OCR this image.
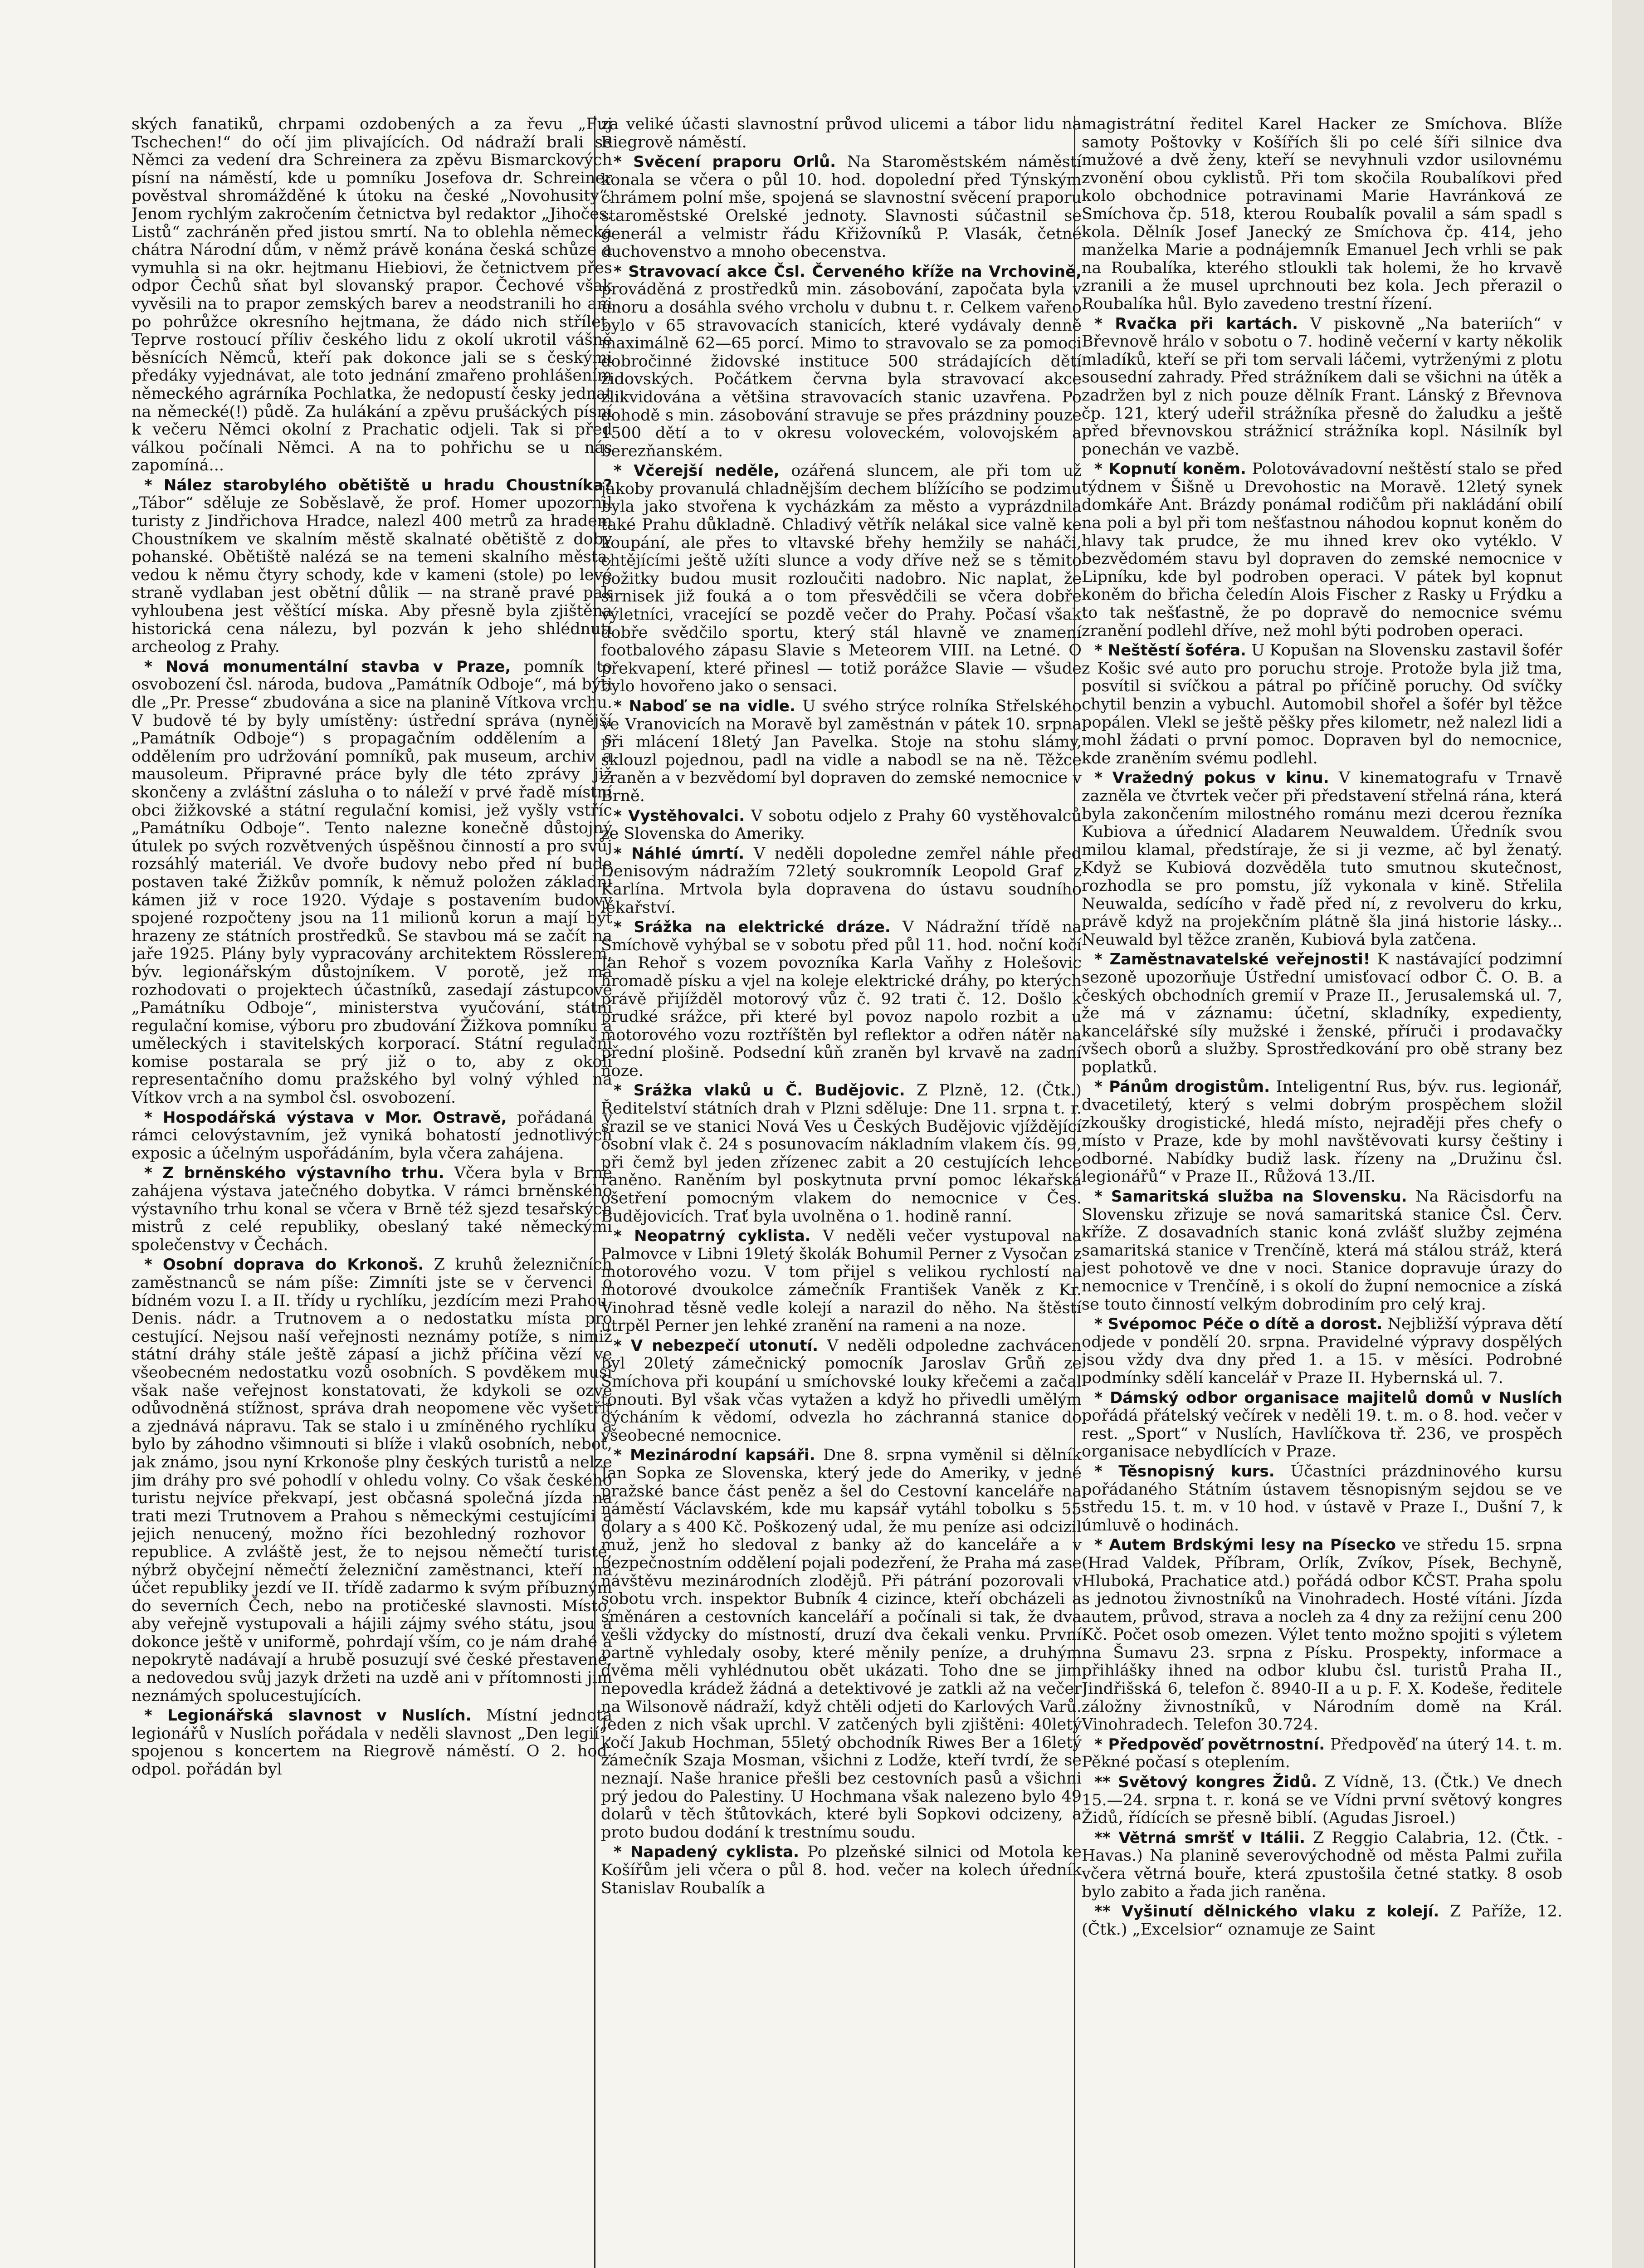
ských fanatiků, chrpami ozdobených a za řevu „Fuj Tschechen!“ do očí jim plivajících. Od nádraží brali se Němci za vedení dra Schreinera za zpěvu Bismarckových písní na náměstí, kde u pomníku Josefova dr. Schreiner pověstval shromážděné k útoku na české „Novohusity“. Jenom rychlým zakročením četnictva byl redaktor „Jihočes. Listů“ zachráněn před jistou smrtí. Na to oblehla německá chátra Národní dům, v němž právě konána česká schůze a vymuhla si na okr. hejtmanu Hiebiovi, že četnictvem přes odpor Čechů sňat byl slovanský prapor. Čechové však vyvěsili na to prapor zemských barev a neodstranili ho ani po pohrůžce okresního hejtmana, že dádo nich střílet. Teprve rostoucí příliv českého lidu z okolí ukrotil vášně běsnících Němců, kteří pak dokonce jali se s českými předáky vyjednávat, ale toto jednání zmařeno prohlášením německého agrárníka Pochlatka, že nedopustí česky jednat na německé(!) půdě. Za hulákání a zpěvu prušáckých písní k večeru Němci okolní z Prachatic odjeli. Tak si před válkou počínali Němci. A na to pohřichu se u nás zapomíná...

* Nález starobylého obětiště u hradu Choustníka? „Tábor“ sděluje ze Soběslavě, že prof. Homer upozornil turisty z Jindřichova Hradce, nalezl 400 metrů za hradem Choustníkem ve skalním městě skalnaté obětiště z doby pohanské. Obětiště nalézá se na temeni skalního města, vedou k němu čtyry schody, kde v kameni (stole) po levé straně vydlaban jest obětní důlik — na straně pravé pak vyhloubena jest věštící míska. Aby přesně byla zjištěna historická cena nálezu, byl pozván k jeho shlédnutí archeolog z Prahy.

* Nová monumentální stavba v Praze, pomník to osvobození čsl. národa, budova „Památník Odboje“, má býti dle „Pr. Presse“ zbudována a sice na planině Vítkova vrchu. V budově té by byly umístěny: ústřední správa (nynější „Památník Odboje“) s propagačním oddělením a s oddělením pro udržování pomníků, pak museum, archiv a mausoleum. Připravné práce byly dle této zprávy již skončeny a zvláštní zásluha o to náleží v prvé řadě místní obci žižkovské a státní regulační komisi, jež vyšly vstříc „Památníku Odboje“. Tento nalezne konečně důstojný útulek po svých rozvětvených úspěšnou činností a pro svůj rozsáhlý materiál. Ve dvoře budovy nebo před ní bude postaven také Žižkův pomník, k němuž položen základní kámen již v roce 1920. Výdaje s postavením budovy spojené rozpočteny jsou na 11 milionů korun a mají být hrazeny ze státních prostředků. Se stavbou má se začít na jaře 1925. Plány byly vypracovány architektem Rösslerem, býv. legionářským důstojníkem. V porotě, jež má rozhodovati o projektech účastníků, zasedají zástupcové „Památníku Odboje“, ministerstva vyučování, státní regulační komise, výboru pro zbudování Žižkova pomníku a uměleckých i stavitelských korporací. Státní regulační komise postarala se prý již o to, aby z okolí representačního domu pražského byl volný výhled na Vítkov vrch a na symbol čsl. osvobození.

* Hospodářská výstava v Mor. Ostravě, pořádaná v rámci celovýstavním, jež vyniká bohatostí jednotlivých exposic a účelným uspořádáním, byla včera zahájena.

* Z brněnského výstavního trhu. Včera byla v Brně zahájena výstava jatečného dobytka. V rámci brněnského výstavního trhu konal se včera v Brně též sjezd tesařských mistrů z celé republiky, obeslaný také německými společenstvy v Čechách.

* Osobní doprava do Krkonoš. Z kruhů železničních zaměstnanců se nám píše: Zimníti jste se v červenci o bídném vozu I. a II. třídy u rychlíku, jezdícím mezi Prahou, Denis. nádr. a Trutnovem a o nedostatku místa pro cestující. Nejsou naší veřejnosti neznámy potíže, s nimiž státní dráhy stále ještě zápasí a jichž příčina vězí ve všeobecném nedostatku vozů osobních. S povděkem musí však naše veřejnost konstatovati, že kdykoli se ozve odůvodněná stížnost, správa drah neopomene věc vyšetřit a zjednává nápravu. Tak se stalo i u zmíněného rychlíku a bylo by záhodno všimnouti si blíže i vlaků osobních, neboť, jak známo, jsou nyní Krkonoše plny českých turistů a nelze jim dráhy pro své pohodlí v ohledu volny. Co však českého turistu nejvíce překvapí, jest občasná společná jízda na trati mezi Trutnovem a Prahou s německými cestujícími a jejich nenucený, možno říci bezohledný rozhovor o republice. A zvláště jest, že to nejsou němečtí turisté, nýbrž obyčejní němečtí železniční zaměstnanci, kteří na účet republiky jezdí ve II. třídě zadarmo k svým příbuzným do severních Čech, nebo na protičeské slavnosti. Místo, aby veřejně vystupovali a hájili zájmy svého státu, jsou a dokonce ještě v uniformě, pohrdají vším, co je nám drahé a nepokrytě nadávají a hrubě posuzují své české přestavené, a nedovedou svůj jazyk držeti na uzdě ani v přítomnosti jim neznámých spolucestujících.

* Legionářská slavnost v Nuslích. Místní jednota legionářů v Nuslích pořádala v neděli slavnost „Den legií“, spojenou s koncertem na Riegrově náměstí. O 2. hod. odpol. pořádán byl

za veliké účasti slavnostní průvod ulicemi a tábor lidu na Riegrově náměstí.

* Svěcení praporu Orlů. Na Staroměstském náměstí konala se včera o půl 10. hod. dopolední před Týnským chrámem polní mše, spojená se slavnostní svěcení praporu staroměstské Orelské jednoty. Slavnosti súčastnil se generál a velmistr řádu Křižovníků P. Vlasák, četné duchovenstvo a mnoho obecenstva.

* Stravovací akce Čsl. Červeného kříže na Vrchovině, prováděná z prostředků min. zásobování, započata byla v únoru a dosáhla svého vrcholu v dubnu t. r. Celkem vařeno bylo v 65 stravovacích stanicích, které vydávaly denně maximálně 62—65 porcí. Mimo to stravovalo se za pomoci dobročinné židovské instituce 500 strádajících dětí židovských. Počátkem června byla stravovací akce zlikvidována a většina stravovacích stanic uzavřena. Po dohodě s min. zásobování stravuje se přes prázdniny pouze 1500 dětí a to v okresu voloveckém, volovojském a berezňanském.

* Včerejší neděle, ozářená sluncem, ale při tom už jakoby provanulá chladnějším dechem blížícího se podzimu byla jako stvořena k vycházkám za město a vyprázdnila také Prahu důkladně. Chladivý větřík nelákal sice valně ke koupání, ale přes to vltavské břehy hemžily se naháči, chtějícími ještě užíti slunce a vody dříve než se s těmito požitky budou musit rozloučiti nadobro. Nic naplat, že sirnisek již fouká a o tom přesvědčili se včera dobře výletníci, vracející se pozdě večer do Prahy. Počasí však dobře svědčilo sportu, který stál hlavně ve znamení footbalového zápasu Slavie s Meteorem VIII. na Letné. O překvapení, které přinesl — totiž porážce Slavie — všude bylo hovořeno jako o sensaci.

* Naboď se na vidle. U svého strýce rolníka Střelského ve Vranovicích na Moravě byl zaměstnán v pátek 10. srpna při mlácení 18letý Jan Pavelka. Stoje na stohu slámy, sklouzl pojednou, padl na vidle a nabodl se na ně. Těžce zraněn a v bezvědomí byl dopraven do zemské nemocnice v Brně.

* Vystěhovalci. V sobotu odjelo z Prahy 60 vystěhovalců ze Slovenska do Ameriky.

* Náhlé úmrtí. V neděli dopoledne zemřel náhle před Denisovým nádražím 72letý soukromník Leopold Graf z Karlína. Mrtvola byla dopravena do ústavu soudního lékařství.

* Srážka na elektrické dráze. V Nádražní třídě na Smíchově vyhýbal se v sobotu před půl 11. hod. noční kočí Jan Rehoř s vozem povozníka Karla Vaňhy z Holešovic hromadě písku a vjel na koleje elektrické dráhy, po kterých právě přijížděl motorový vůz č. 92 trati č. 12. Došlo k prudké srážce, při které byl povoz napolo rozbit a u motorového vozu roztříštěn byl reflektor a odřen nátěr na přední plošině. Podsední kůň zraněn byl krvavě na zadní noze.

* Srážka vlaků u Č. Budějovic. Z Plzně, 12. (Čtk.) Ředitelství státních drah v Plzni sděluje: Dne 11. srpna t. r. srazil se ve stanici Nová Ves u Českých Budějovic vjíždějící osobní vlak č. 24 s posunovacím nákladním vlakem čís. 99, při čemž byl jeden zřízenec zabit a 20 cestujících lehce raněno. Raněním byl poskytnuta první pomoc lékařská ošetření pomocným vlakem do nemocnice v Čes. Budějovicích. Trať byla uvolněna o 1. hodině ranní.

* Neopatrný cyklista. V neděli večer vystupoval na Palmovce v Libni 19letý školák Bohumil Perner z Vysočan z motorového vozu. V tom přijel s velikou rychlostí na motorové dvoukolce zámečník František Vaněk z Kr. Vinohrad těsně vedle kolejí a narazil do něho. Na štěstí utrpěl Perner jen lehké zranění na rameni a na noze.

* V nebezpečí utonutí. V neděli odpoledne zachvácen byl 20letý zámečnický pomocník Jaroslav Grůň ze Smíchova při koupání u smíchovské louky křečemi a začal tonouti. Byl však včas vytažen a když ho přivedli umělým dýcháním k vědomí, odvezla ho záchranná stanice do všeobecné nemocnice.

* Mezinárodní kapsáři. Dne 8. srpna vyměnil si dělník Jan Sopka ze Slovenska, který jede do Ameriky, v jedné pražské bance část peněz a šel do Cestovní kanceláře na náměstí Václavském, kde mu kapsář vytáhl tobolku s 55 dolary a s 400 Kč. Poškozený udal, že mu peníze asi odcizil muž, jenž ho sledoval z banky až do kanceláře a v bezpečnostním oddělení pojali podezření, že Praha má zase návštěvu mezinárodních zlodějů. Při pátrání pozorovali v sobotu vrch. inspektor Bubník 4 cizince, kteří obcházeli a směnáren a cestovních kanceláří a počínali si tak, že dva vešli vždycky do místností, druzí dva čekali venku. První partně vyhledaly osoby, které měnily peníze, a druhým dvěma měli vyhlédnutou obět ukázati. Toho dne se jim nepovedla krádež žádná a detektivové je zatkli až na večer na Wilsonově nádraží, když chtěli odjeti do Karlových Varů. Jeden z nich však uprchl. V zatčených byli zjištěni: 40letý kočí Jakub Hochman, 55letý obchodník Riwes Ber a 16letý zámečník Szaja Mosman, všichni z Lodže, kteří tvrdí, že se neznají. Naše hranice přešli bez cestovních pasů a všichni prý jedou do Palestiny. U Hochmana však nalezeno bylo 49 dolarů v těch štůtovkách, které byli Sopkovi odcizeny, a proto budou dodání k trestnímu soudu.

* Napadený cyklista. Po plzeňské silnici od Motola ke Košířům jeli včera o půl 8. hod. večer na kolech úředník Stanislav Roubalík a

magistrátní ředitel Karel Hacker ze Smíchova. Blíže samoty Poštovky v Košířích šli po celé šíři silnice dva mužové a dvě ženy, kteří se nevyhnuli vzdor usilovnému zvonění obou cyklistů. Při tom skočila Roubalíkovi před kolo obchodnice potravinami Marie Havránková ze Smíchova čp. 518, kterou Roubalík povalil a sám spadl s kola. Dělník Josef Janecký ze Smíchova čp. 414, jeho manželka Marie a podnájemník Emanuel Jech vrhli se pak na Roubalíka, kterého stloukli tak holemi, že ho krvavě zranili a že musel uprchnouti bez kola. Jech přerazil o Roubalíka hůl. Bylo zavedeno trestní řízení.

* Rvačka při kartách. V piskovně „Na bateriích“ v Břevnově hrálo v sobotu o 7. hodině večerní v karty několik mladíků, kteří se při tom servali láčemi, vytrženými z plotu sousední zahrady. Před strážníkem dali se všichni na útěk a zadržen byl z nich pouze dělník Frant. Lánský z Břevnova čp. 121, který udeřil strážníka přesně do žaludku a ještě před břevnovskou strážnicí strážníka kopl. Násilník byl ponechán ve vazbě.

* Kopnutí koněm. Polotovávadovní neštěstí stalo se před týdnem v Šišně u Drevohostic na Moravě. 12letý synek domkáře Ant. Brázdy ponámal rodičům při nakládání obilí na poli a byl při tom nešťastnou náhodou kopnut koněm do hlavy tak prudce, že mu ihned krev oko vytéklo. V bezvědomém stavu byl dopraven do zemské nemocnice v Lipníku, kde byl podroben operaci. V pátek byl kopnut koněm do břicha čeledín Alois Fischer z Rasky u Frýdku a to tak nešťastně, že po dopravě do nemocnice svému zranění podlehl dříve, než mohl býti podroben operaci.

* Neštěstí šoféra. U Kopušan na Slovensku zastavil šofér z Košic své auto pro poruchu stroje. Protože byla již tma, posvítil si svíčkou a pátral po příčině poruchy. Od svíčky chytil benzin a vybuchl. Automobil shořel a šofér byl těžce popálen. Vlekl se ještě pěšky přes kilometr, než nalezl lidi a mohl žádati o první pomoc. Dopraven byl do nemocnice, kde zraněním svému podlehl.

* Vražedný pokus v kinu. V kinematografu v Trnavě zazněla ve čtvrtek večer při představení střelná rána, která byla zakončením milostného románu mezi dcerou řezníka Kubiova a úřednicí Aladarem Neuwaldem. Úředník svou milou klamal, předstíraje, že si ji vezme, ač byl ženatý. Když se Kubiová dozvěděla tuto smutnou skutečnost, rozhodla se pro pomstu, jíž vykonala v kině. Střelila Neuwalda, sedícího v řadě před ní, z revolveru do krku, právě když na projekčním plátně šla jiná historie lásky... Neuwald byl těžce zraněn, Kubiová byla zatčena.

* Zaměstnavatelské veřejnosti! K nastávající podzimní sezoně upozorňuje Ústřední umisťovací odbor Č. O. B. a českých obchodních gremií v Praze II., Jerusalemská ul. 7, že má v záznamu: účetní, skladníky, expedienty, kancelářské síly mužské i ženské, příruči i prodavačky všech oborů a služby. Sprostředkování pro obě strany bez poplatků.

* Pánům drogistům. Inteligentní Rus, býv. rus. legionář, dvacetiletý, který s velmi dobrým prospěchem složil zkoušky drogistické, hledá místo, nejraději přes chefy o místo v Praze, kde by mohl navštěvovati kursy češtiny i odborné. Nabídky budiž lask. řízeny na „Družinu čsl. legionářů“ v Praze II., Růžová 13./II.

* Samaritská služba na Slovensku. Na Räcisdorfu na Slovensku zřizuje se nová samaritská stanice Čsl. Červ. kříže. Z dosavadních stanic koná zvlášť služby zejména samaritská stanice v Trenčíně, která má stálou stráž, která jest pohotově ve dne v noci. Stanice dopravuje úrazy do nemocnice v Trenčíně, i s okolí do župní nemocnice a získá se touto činností velkým dobrodiním pro celý kraj.

* Svépomoc Péče o dítě a dorost. Nejbližší výprava dětí odjede v pondělí 20. srpna. Pravidelné výpravy dospělých jsou vždy dva dny před 1. a 15. v měsíci. Podrobné podmínky sdělí kancelář v Praze II. Hybernská ul. 7.

* Dámský odbor organisace majitelů domů v Nuslích pořádá přátelský večírek v neděli 19. t. m. o 8. hod. večer v rest. „Sport“ v Nuslích, Havlíčkova tř. 236, ve prospěch organisace nebydlících v Praze.

* Těsnopisný kurs. Účastníci prázdninového kursu pořádaného Státním ústavem těsnopisným sejdou se ve středu 15. t. m. v 10 hod. v ústavě v Praze I., Dušní 7, k úmluvě o hodinách.

* Autem Brdskými lesy na Písecko ve středu 15. srpna (Hrad Valdek, Příbram, Orlík, Zvíkov, Písek, Bechyně, Hluboká, Prachatice atd.) pořádá odbor KČST. Praha spolu s jednotou živnostníků na Vinohradech. Hosté vítáni. Jízda autem, průvod, strava a nocleh za 4 dny za režijní cenu 200 Kč. Počet osob omezen. Výlet tento možno spojiti s výletem na Šumavu 23. srpna z Písku. Prospekty, informace a přihlášky ihned na odbor klubu čsl. turistů Praha II., Jindřišská 6, telefon č. 8940-II a u p. F. X. Kodeše, ředitele záložny živnostníků, v Národním domě na Král. Vinohradech. Telefon 30.724.

* Předpověď povětrnostní. Předpověď na úterý 14. t. m. Pěkné počasí s oteplením.

** Světový kongres Židů. Z Vídně, 13. (Čtk.) Ve dnech 15.—24. srpna t. r. koná se ve Vídni první světový kongres Židů, řídících se přesně biblí. (Agudas Jisroel.)

** Větrná smršť v Itálii. Z Reggio Calabria, 12. (Čtk. - Havas.) Na planině severovýchodně od města Palmi zuřila včera větrná bouře, která zpustošila četné statky. 8 osob bylo zabito a řada jich raněna.

** Vyšinutí dělnického vlaku z kolejí. Z Paříže, 12. (Čtk.) „Excelsior“ oznamuje ze Saint
